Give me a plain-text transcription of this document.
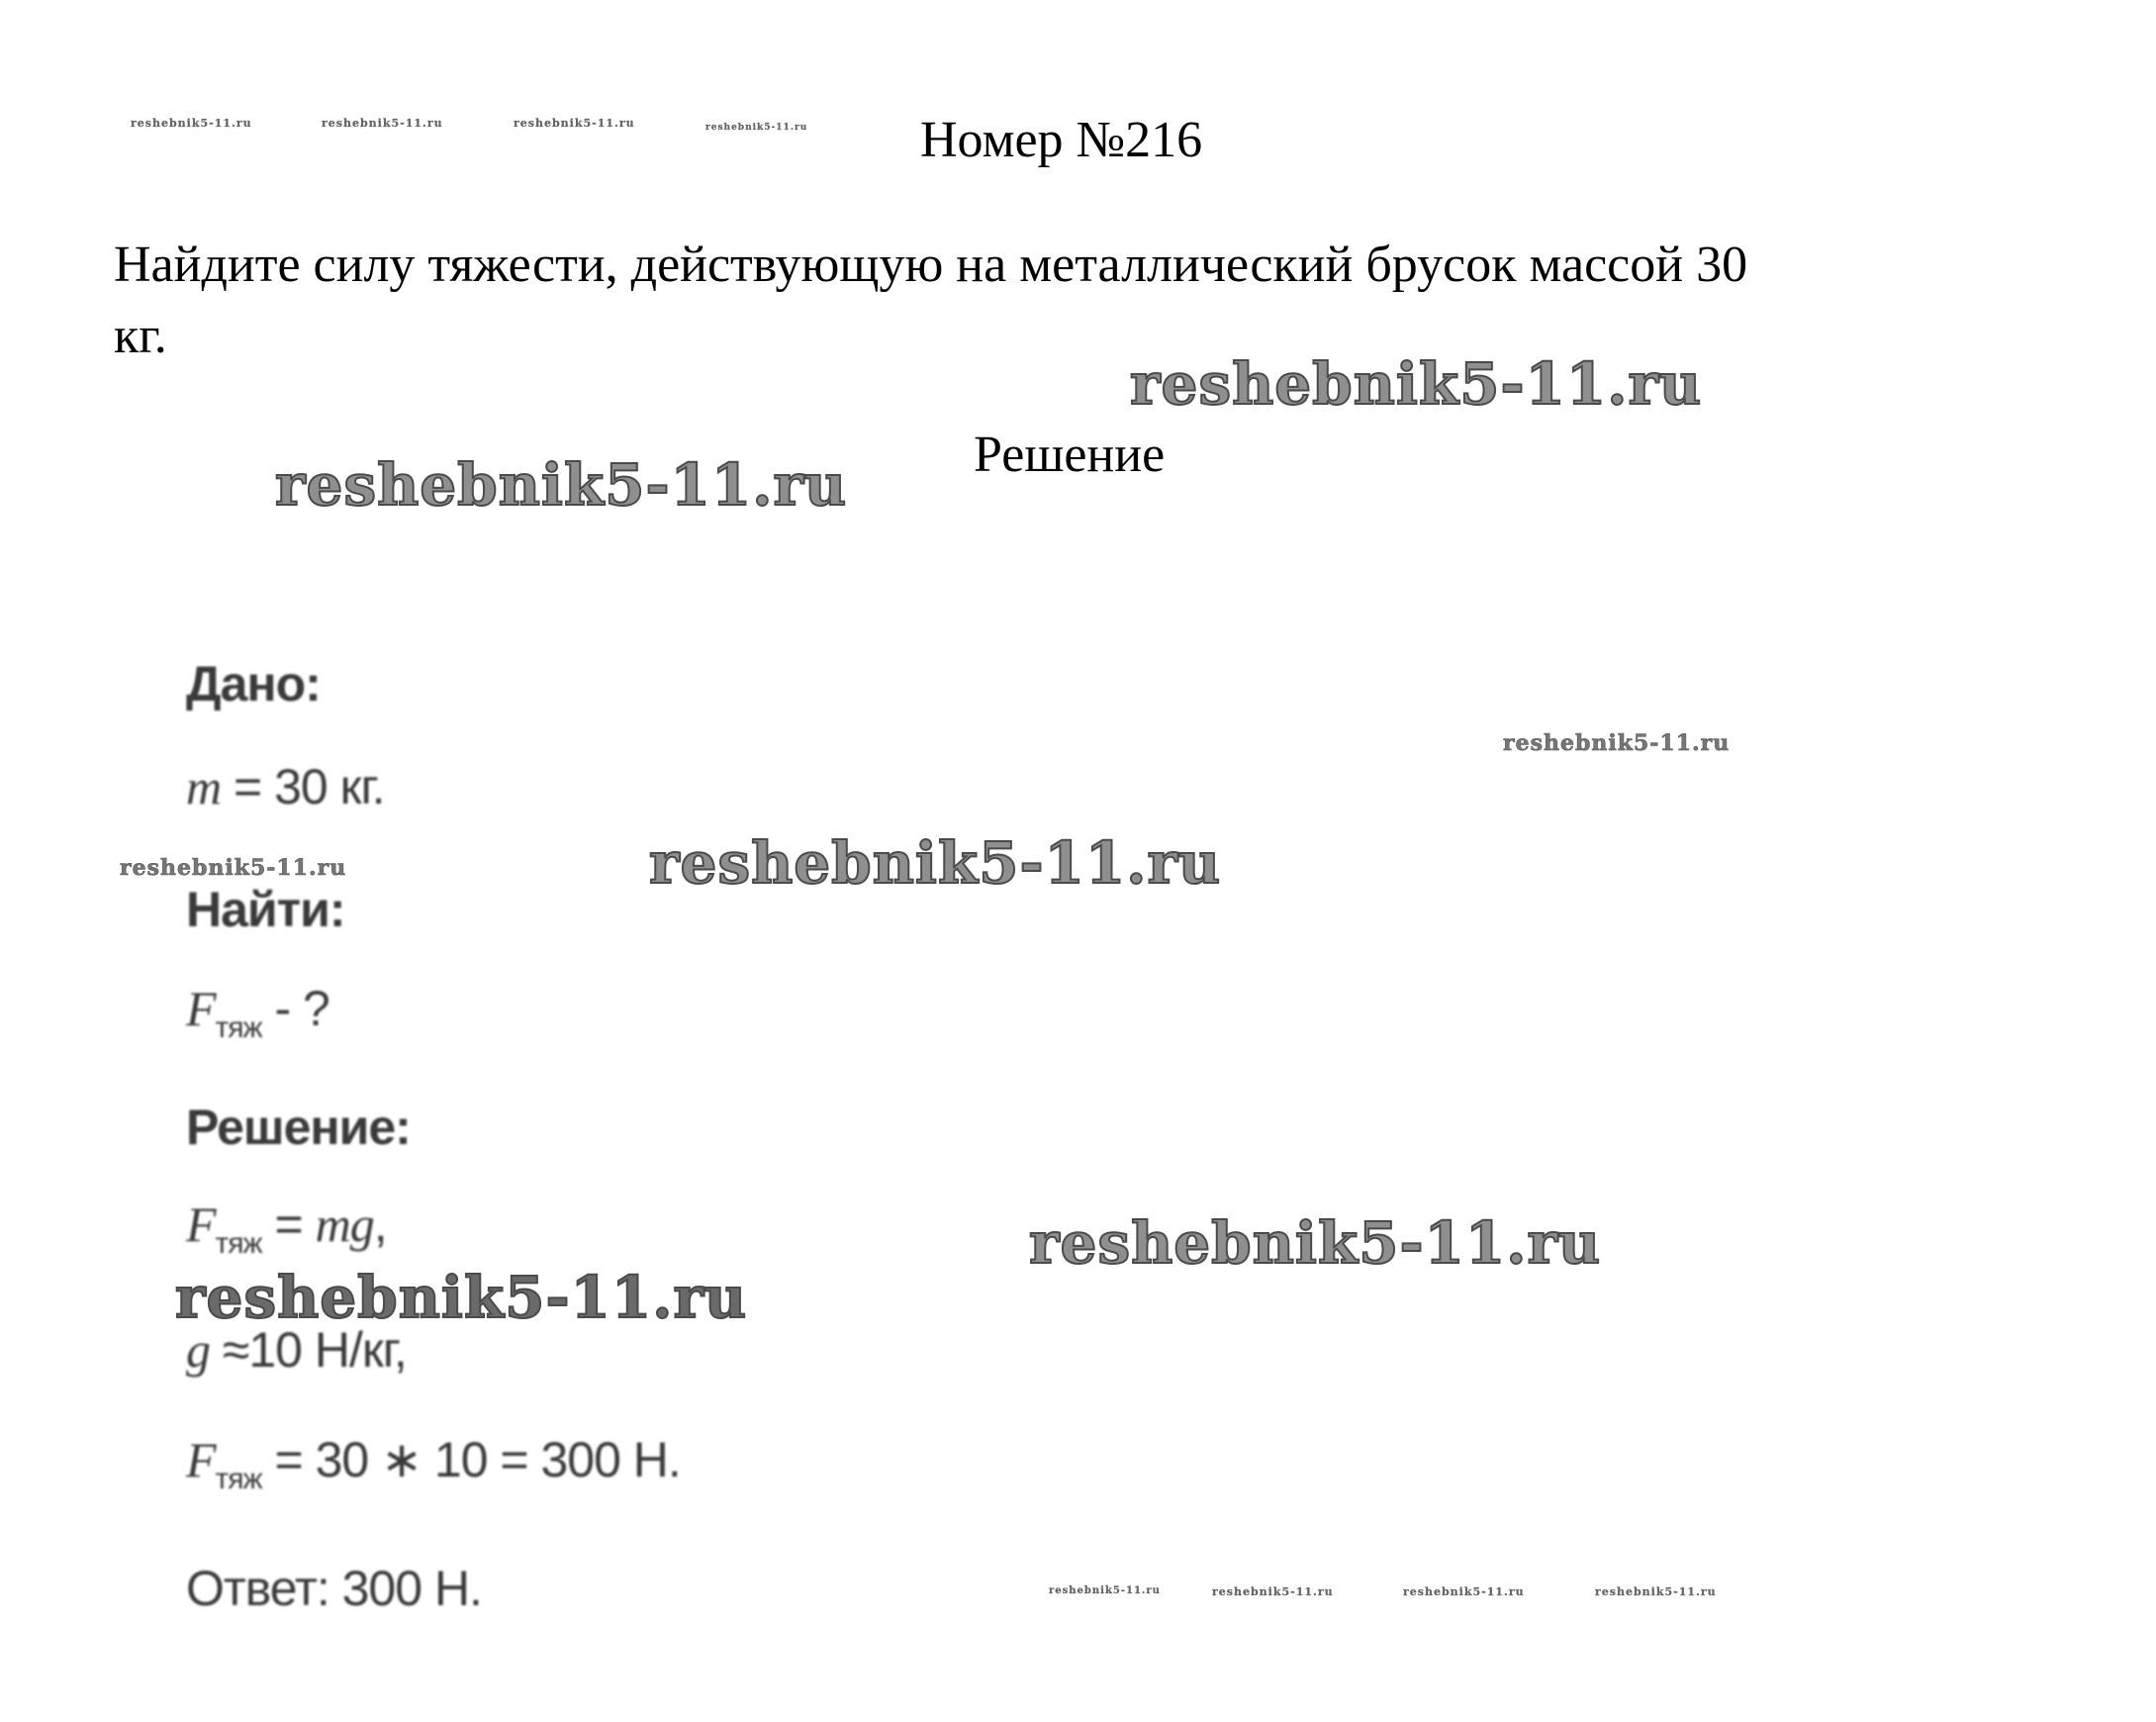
Номер №216
Найдите силу тяжести, действующую на металлический брусок массой 30 кг.
Решение
Дано:
m = 30 кг.
Найти:
$F_{тяж}$ - ?
Решение:
$F_{тяж}$ = mg,
g ≈10 Н/кг,
$F_{тяж} = 30$ ∗ 10 = 300 Н.
Ответ: 300 Н.
reshebnik5-11.ru	reshebnik5-11.ru	reshebnik5-11.ru	reshebnik5-11.ru
reshebnik5-11.ru
reshebnik5-11.ru
reshebnik5-11.ru
reshebnik5-11.ru	reshebnik5-11.ru
reshebnik5-11.ru
reshebnik5-11.ru
reshebnik5-11.ru	reshebnik5-11.ru	reshebnik5-11.ru	reshebnik5-11.ru
